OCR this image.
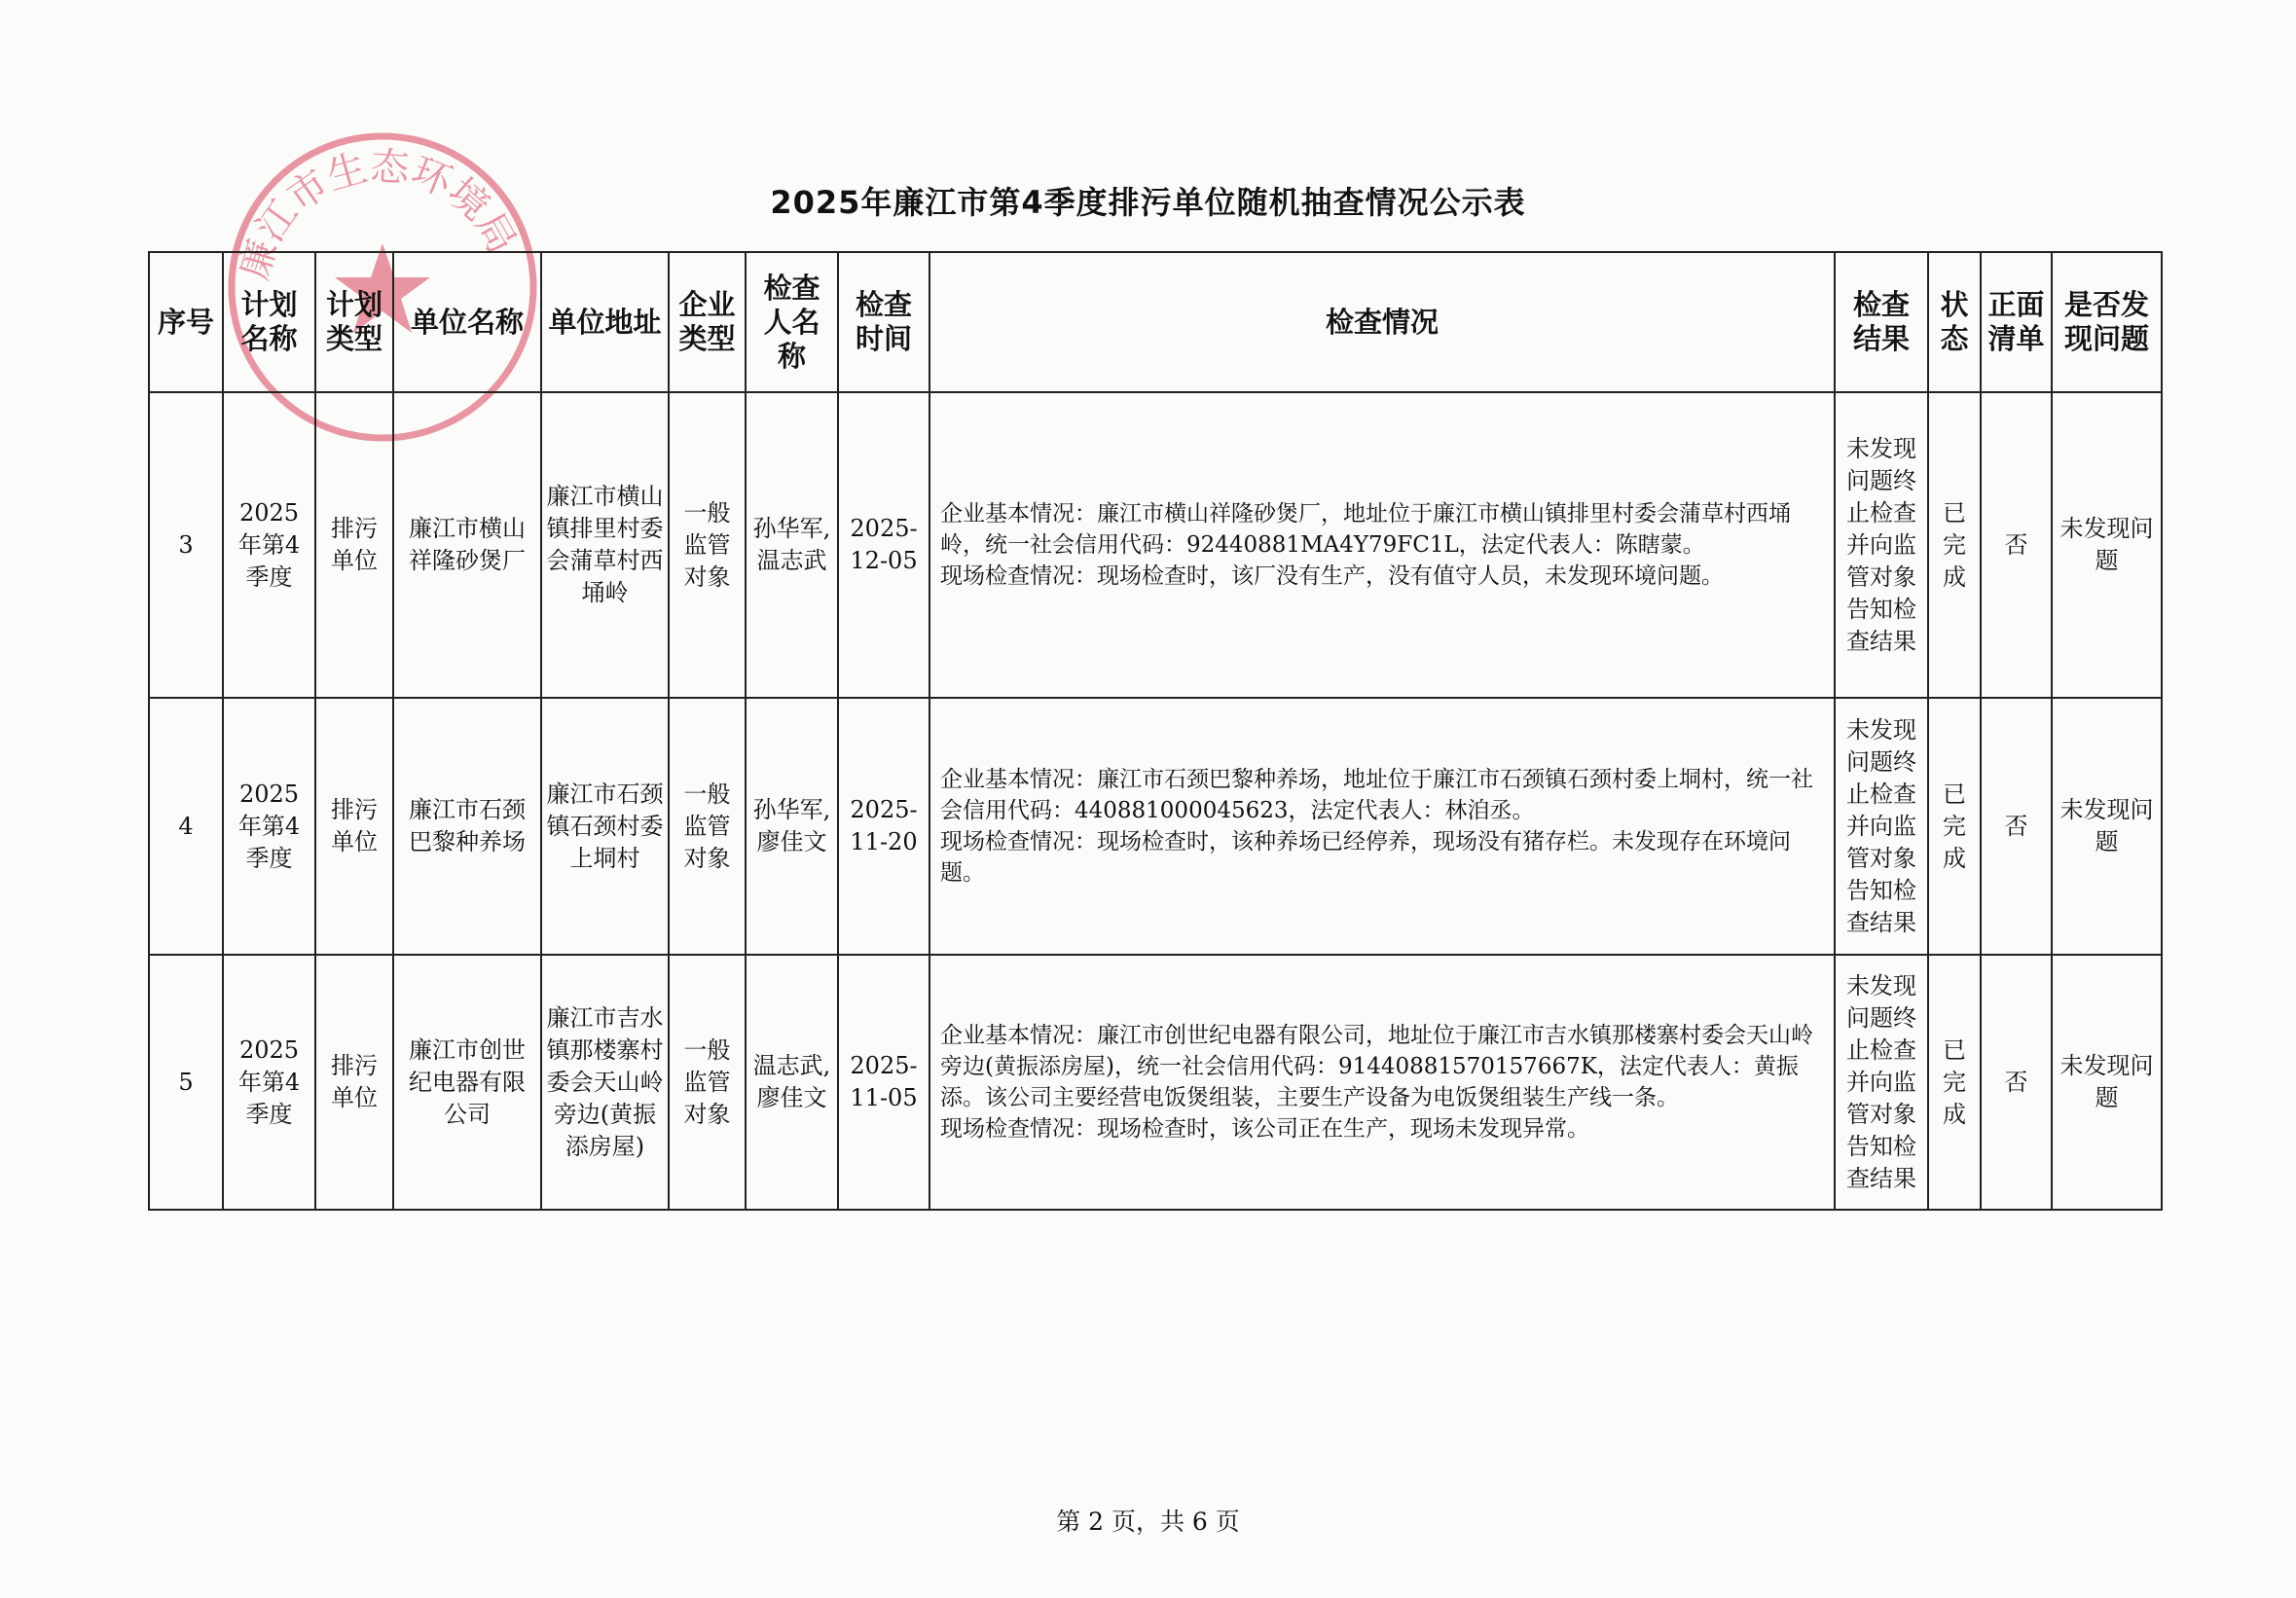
廉江市生态环境局
2025年廉江市第4季度排污单位随机抽查情况公示表
序号	计划名称	计划类型	单位名称	单位地址	企业类型	检查人名称	检查时间	检查情况	检查结果	状态	正面清单	是否发现问题
3	2025年第4季度	排污单位	廉江市横山祥隆砂煲厂	廉江市横山镇排里村委会蒲草村西埇岭	一般监管对象	孙华军,温志武	2025-12-05	企业基本情况：廉江市横山祥隆砂煲厂，地址位于廉江市横山镇排里村委会蒲草村西埇岭，统一社会信用代码：92440881MA4Y79FC1L，法定代表人：陈瞎蒙。
现场检查情况：现场检查时，该厂没有生产，没有值守人员，未发现环境问题。	未发现问题终止检查并向监管对象告知检查结果	已完成	否	未发现问题
4	2025年第4季度	排污单位	廉江市石颈巴黎种养场	廉江市石颈镇石颈村委上垌村	一般监管对象	孙华军,廖佳文	2025-11-20	企业基本情况：廉江市石颈巴黎种养场，地址位于廉江市石颈镇石颈村委上垌村，统一社会信用代码：440881000045623，法定代表人：林洎丞。
现场检查情况：现场检查时，该种养场已经停养，现场没有猪存栏。未发现存在环境问题。	未发现问题终止检查并向监管对象告知检查结果	已完成	否	未发现问题
5	2025年第4季度	排污单位	廉江市创世纪电器有限公司	廉江市吉水镇那楼寨村委会天山岭旁边(黄振添房屋)	一般监管对象	温志武,廖佳文	2025-11-05	企业基本情况：廉江市创世纪电器有限公司，地址位于廉江市吉水镇那楼寨村委会天山岭旁边(黄振添房屋)，统一社会信用代码：91440881570157667K，法定代表人：黄振添。该公司主要经营电饭煲组装，主要生产设备为电饭煲组装生产线一条。
现场检查情况：现场检查时，该公司正在生产，现场未发现异常。	未发现问题终止检查并向监管对象告知检查结果	已完成	否	未发现问题
第 2 页，共 6 页
